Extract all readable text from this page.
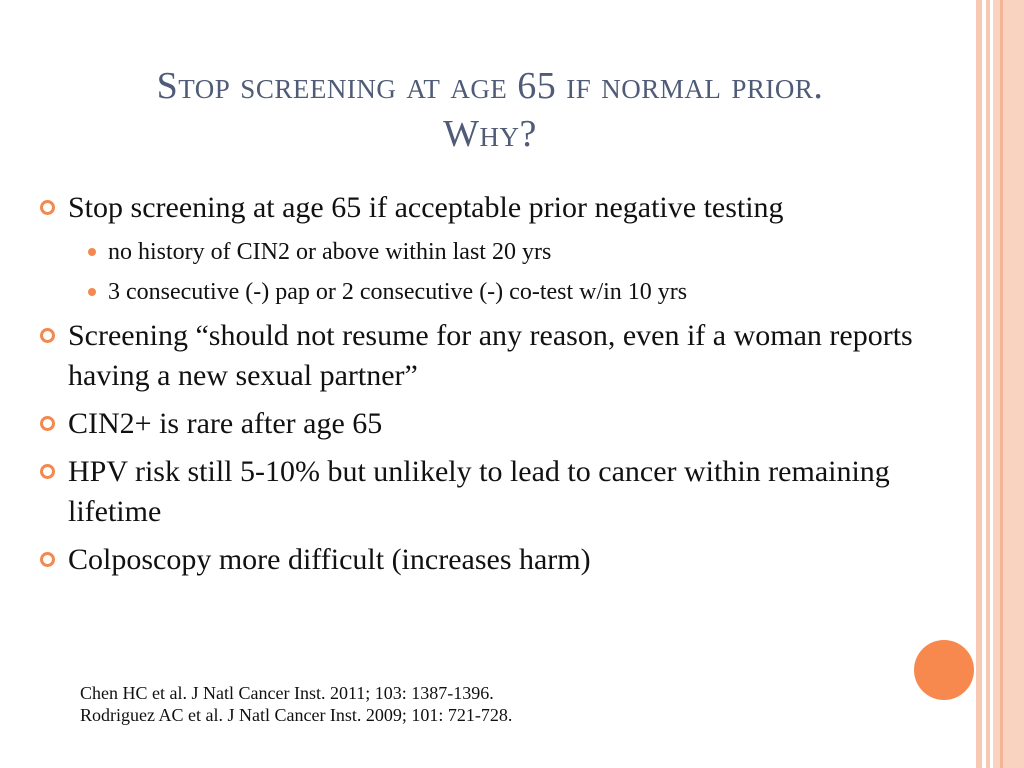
Stop screening at age 65 if normal prior.
Why?
Stop screening at age 65 if acceptable prior negative testing
no history of CIN2 or above within last 20 yrs
3 consecutive (-) pap or 2 consecutive (-) co-test w/in 10 yrs
Screening “should not resume for any reason, even if a woman reports having a new sexual partner”
CIN2+ is rare after age 65
HPV risk still 5-10% but unlikely to lead to cancer within remaining lifetime
Colposcopy more difficult (increases harm)
Chen HC et al. J Natl Cancer Inst. 2011; 103: 1387-1396.
Rodriguez AC et al. J Natl Cancer Inst. 2009; 101: 721-728.
